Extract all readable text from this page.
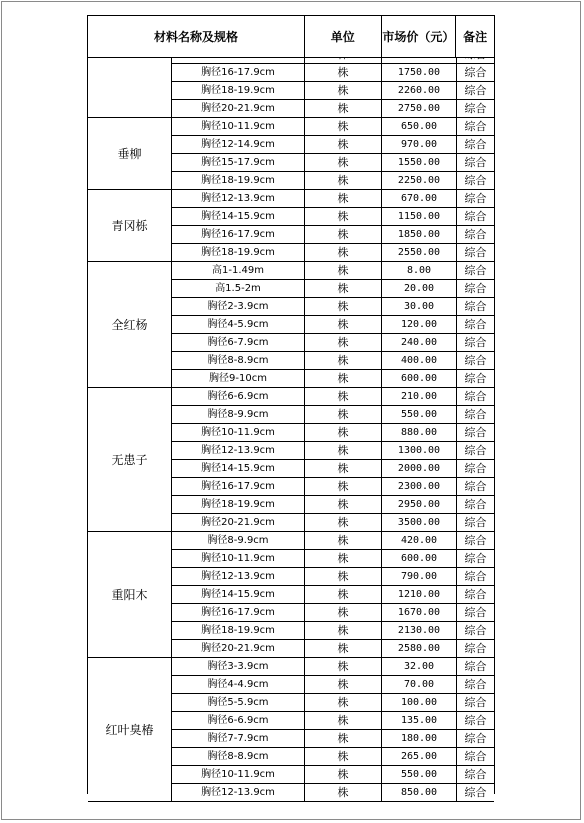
材料名称及规格	单位	市场价（元） 备注
胸径16-17.9cm	株	1750.00	综合
胸径18-19.9cm	株	2260.00	综合
胸径20-21.9cm	株	2750.00	综合
垂柳
胸径10-11.9cm	株	650.00	综合
胸径12-14.9cm	株	970.00	综合
胸径15-17.9cm	株	1550.00	综合
胸径18-19.9cm	株	2250.00	综合
青冈栎
胸径12-13.9cm	株	670.00	综合
胸径14-15.9cm	株	1150.00	综合
胸径16-17.9cm	株	1850.00	综合
胸径18-19.9cm	株	2550.00	综合
全红杨
高1-1.49m	株	8.00	综合
高1.5-2m	株	20.00	综合
胸径2-3.9cm	株	30.00	综合
胸径4-5.9cm	株	120.00	综合
胸径6-7.9cm	株	240.00	综合
胸径8-8.9cm	株	400.00	综合
胸径9-10cm	株	600.00	综合
无患子
胸径6-6.9cm	株	210.00	综合
胸径8-9.9cm	株	550.00	综合
胸径10-11.9cm	株	880.00	综合
胸径12-13.9cm	株	1300.00	综合
胸径14-15.9cm	株	2000.00	综合
胸径16-17.9cm	株	2300.00	综合
胸径18-19.9cm	株	2950.00	综合
胸径20-21.9cm	株	3500.00	综合
重阳木
胸径8-9.9cm	株	420.00	综合
胸径10-11.9cm	株	600.00	综合
胸径12-13.9cm	株	790.00	综合
胸径14-15.9cm	株	1210.00	综合
胸径16-17.9cm	株	1670.00	综合
胸径18-19.9cm	株	2130.00	综合
胸径20-21.9cm	株	2580.00	综合
红叶臭椿
胸径3-3.9cm	株	32.00	综合
胸径4-4.9cm	株	70.00	综合
胸径5-5.9cm	株	100.00	综合
胸径6-6.9cm	株	135.00	综合
胸径7-7.9cm	株	180.00	综合
胸径8-8.9cm	株	265.00	综合
胸径10-11.9cm	株	550.00	综合
胸径12-13.9cm	株	850.00	综合
